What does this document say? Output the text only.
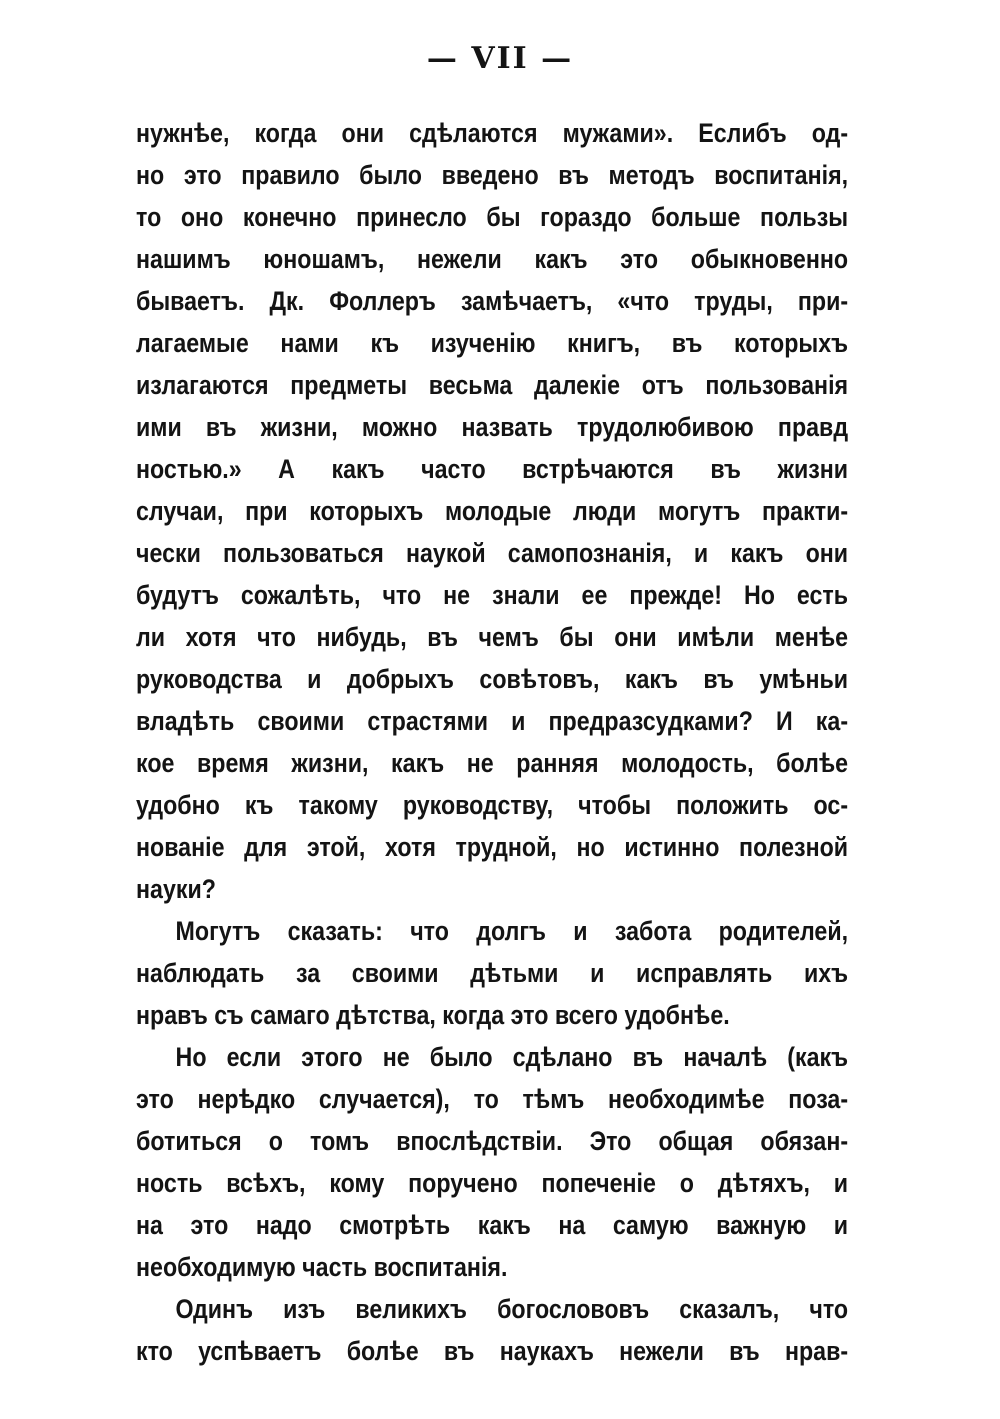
— VII —
нужнѣе, когда они сдѣлаются мужами». Еслибъ од-
но это правило было введено въ методъ воспитанія,
то оно конечно принесло бы гораздо больше пользы
нашимъ юношамъ, нежели какъ это обыкновенно
бываетъ. Дк. Фоллеръ замѣчаетъ, «что труды, при-
лагаемые нами къ изученію книгъ, въ которыхъ
излагаются предметы весьма далекіе отъ пользованія
ими въ жизни, можно назвать трудолюбивою правд
ностью.» А какъ часто встрѣчаются въ жизни
случаи, при которыхъ молодые люди могутъ практи-
чески пользоваться наукой самопознанія, и какъ они
будутъ сожалѣть, что не знали ее прежде! Но есть
ли хотя что нибудь, въ чемъ бы они имѣли менѣе
руководства и добрыхъ совѣтовъ, какъ въ умѣньи
владѣть своими страстями и предразсудками? И ка-
кое время жизни, какъ не ранняя молодость, болѣе
удобно къ такому руководству, чтобы положить ос-
нованіе для этой, хотя трудной, но истинно полезной
науки?
Могутъ сказать: что долгъ и забота родителей,
наблюдать за своими дѣтьми и исправлять ихъ
нравъ съ самаго дѣтства, когда это всего удобнѣе.
Но если этого не было сдѣлано въ началѣ (какъ
это нерѣдко случается), то тѣмъ необходимѣе поза-
ботиться о томъ впослѣдствіи. Это общая обязан-
ность всѣхъ, кому поручено попеченіе о дѣтяхъ, и
на это надо смотрѣть какъ на самую важную и
необходимую часть воспитанія.
Одинъ изъ великихъ богослововъ сказалъ, что
кто успѣваетъ болѣе въ наукахъ нежели въ нрав-
